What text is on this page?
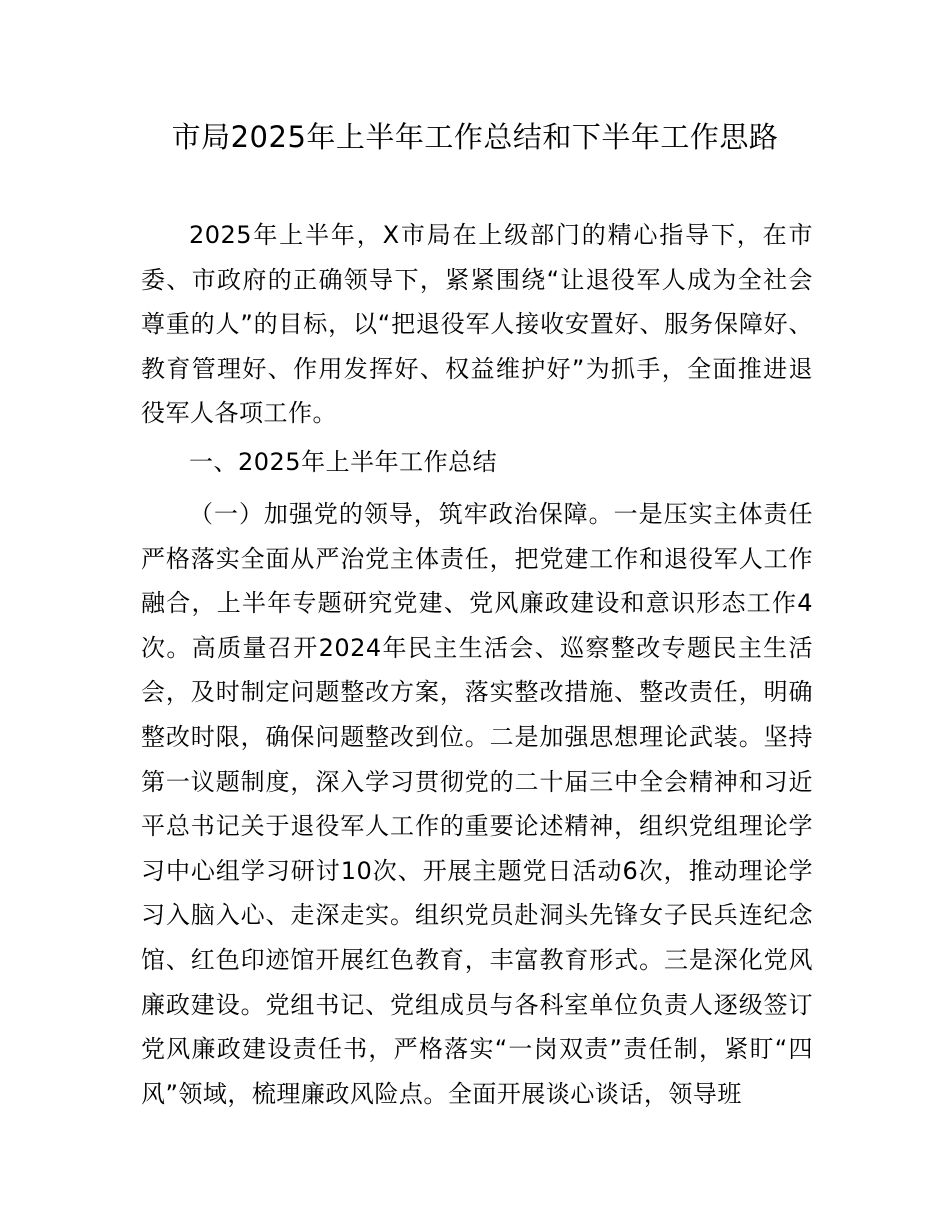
市局2025年上半年工作总结和下半年工作思路

2025年上半年，X市局在上级部门的精心指导下，在市委、市政府的正确领导下，紧紧围绕“让退役军人成为全社会尊重的人”的目标，以“把退役军人接收安置好、服务保障好、教育管理好、作用发挥好、权益维护好”为抓手，全面推进退役军人各项工作。

一、2025年上半年工作总结

（一）加强党的领导，筑牢政治保障。一是压实主体责任严格落实全面从严治党主体责任，把党建工作和退役军人工作融合，上半年专题研究党建、党风廉政建设和意识形态工作4次。高质量召开2024年民主生活会、巡察整改专题民主生活会，及时制定问题整改方案，落实整改措施、整改责任，明确整改时限，确保问题整改到位。二是加强思想理论武装。坚持第一议题制度，深入学习贯彻党的二十届三中全会精神和习近平总书记关于退役军人工作的重要论述精神，组织党组理论学习中心组学习研讨10次、开展主题党日活动6次，推动理论学习入脑入心、走深走实。组织党员赴洞头先锋女子民兵连纪念馆、红色印迹馆开展红色教育，丰富教育形式。三是深化党风廉政建设。党组书记、党组成员与各科室单位负责人逐级签订党风廉政建设责任书，严格落实“一岗双责”责任制，紧盯“四风”领域，梳理廉政风险点。全面开展谈心谈话，领导班
